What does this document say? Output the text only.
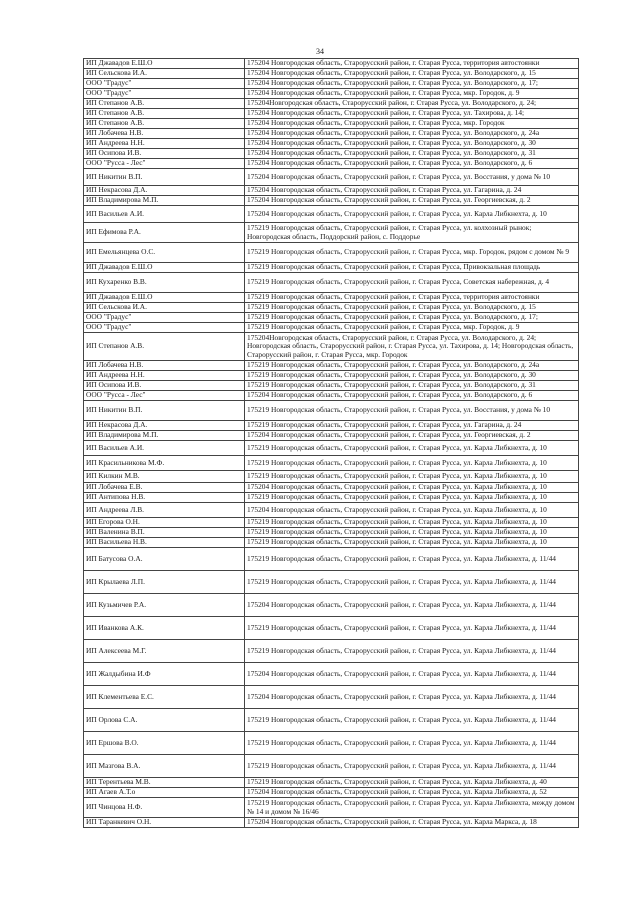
34
ИП Джавадов Е.Ш.О	175204 Новгородская область, Старорусский район, г. Старая Русса, территория автостоянки
ИП Сельскова И.А.	175204 Новгородская область, Старорусский район, г. Старая Русса, ул. Володарского, д. 15
ООО "Градус"	175204 Новгородская область, Старорусский район, г. Старая Русса, ул. Володарского, д. 17;
ООО "Градус"	175204 Новгородская область, Старорусский район, г. Старая Русса, мкр. Городок, д. 9
ИП Степанов А.В.	175204Новгородская область, Старорусский район, г. Старая Русса, ул. Володарского, д. 24;
ИП Степанов А.В.	175204 Новгородская область, Старорусский район, г. Старая Русса, ул. Тахирова, д. 14;
ИП Степанов А.В.	175204 Новгородская область, Старорусский район, г. Старая Русса, мкр. Городок
ИП Лобачева Н.В.	175204 Новгородская область, Старорусский район, г. Старая Русса, ул. Володарского, д. 24а
ИП Андреева Н.Н.	175204 Новгородская область, Старорусский район, г. Старая Русса, ул. Володарского, д. 30
ИП Осипова И.В.	175204 Новгородская область, Старорусский район, г. Старая Русса, ул. Володарского, д. 31
ООО "Русса - Лес"	175204 Новгородская область, Старорусский район, г. Старая Русса, ул. Володарского, д. 6
ИП Никитин В.П.	175204 Новгородская область, Старорусский район, г. Старая Русса, ул. Восстания, у дома № 10
ИП Некрасова Д.А.	175204 Новгородская область, Старорусский район, г. Старая Русса, ул. Гагарина, д. 24
ИП Владимирова М.П.	175204 Новгородская область, Старорусский район, г. Старая Русса, ул. Георгиевская, д. 2
ИП Васильев А.И.	175204 Новгородская область, Старорусский район, г. Старая Русса, ул. Карла Либкнехта, д. 10
ИП Ефимова Р.А.	175219 Новгородская область, Старорусский район, г. Старая Русса, ул. колхозный рынок; Новгородская область, Поддорский район, с. Поддорье
ИП Емельянцева О.С.	175219 Новгородская область, Старорусский район, г. Старая Русса, мкр. Городок, рядом с домом № 9
ИП Джавадов Е.Ш.О	175219 Новгородская область, Старорусский район, г. Старая Русса, Привокзальная площадь
ИП Кухаренко В.В.	175219 Новгородская область, Старорусский район, г. Старая Русса, Советская набережная, д. 4
ИП Джавадов Е.Ш.О	175219 Новгородская область, Старорусский район, г. Старая Русса, территория автостоянки
ИП Сельскова И.А.	175219 Новгородская область, Старорусский район, г. Старая Русса, ул. Володарского, д. 15
ООО "Градус"	175219 Новгородская область, Старорусский район, г. Старая Русса, ул. Володарского, д. 17;
ООО "Градус"	175219 Новгородская область, Старорусский район, г. Старая Русса, мкр. Городок, д. 9
ИП Степанов А.В.	175204Новгородская область, Старорусский район, г. Старая Русса, ул. Володарского, д. 24; Новгородская область, Старорусский район, г. Старая Русса, ул. Тахирова, д. 14; Новгородская область, Старорусский район, г. Старая Русса, мкр. Городок
ИП Лобачева Н.В.	175219 Новгородская область, Старорусский район, г. Старая Русса, ул. Володарского, д. 24а
ИП Андреева Н.Н.	175219 Новгородская область, Старорусский район, г. Старая Русса, ул. Володарского, д. 30
ИП Осипова И.В.	175219 Новгородская область, Старорусский район, г. Старая Русса, ул. Володарского, д. 31
ООО "Русса - Лес"	175204 Новгородская область, Старорусский район, г. Старая Русса, ул. Володарского, д. 6
ИП Никитин В.П.	175219 Новгородская область, Старорусский район, г. Старая Русса, ул. Восстания, у дома № 10
ИП Некрасова Д.А.	175219 Новгородская область, Старорусский район, г. Старая Русса, ул. Гагарина, д. 24
ИП Владимирова М.П.	175204 Новгородская область, Старорусский район, г. Старая Русса, ул. Георгиевская, д. 2
ИП Васильев А.И.	175219 Новгородская область, Старорусский район, г. Старая Русса, ул. Карла Либкнехта, д. 10
ИП Красильникова М.Ф.	175219 Новгородская область, Старорусский район, г. Старая Русса, ул. Карла Либкнехта, д. 10
ИП Килкин М.В.	175219 Новгородская область, Старорусский район, г. Старая Русса, ул. Карла Либкнехта, д. 10
ИП Лобачева Е.В.	175204 Новгородская область, Старорусский район, г. Старая Русса, ул. Карла Либкнехта, д. 10
ИП Антипова Н.В.	175219 Новгородская область, Старорусский район, г. Старая Русса, ул. Карла Либкнехта, д. 10
ИП Андреева Л.В.	175204 Новгородская область, Старорусский район, г. Старая Русса, ул. Карла Либкнехта, д. 10
ИП Егорова О.Н.	175219 Новгородская область, Старорусский район, г. Старая Русса, ул. Карла Либкнехта, д. 10
ИП Валенина В.П.	175219 Новгородская область, Старорусский район, г. Старая Русса, ул. Карла Либкнехта, д. 10
ИП Васильева Н.В.	175219 Новгородская область, Старорусский район, г. Старая Русса, ул. Карла Либкнехта, д. 10
ИП Батусова О.А.	175219 Новгородская область, Старорусский район, г. Старая Русса, ул. Карла Либкнехта, д. 11/44
ИП Крылаева Л.П.	175219 Новгородская область, Старорусский район, г. Старая Русса, ул. Карла Либкнехта, д. 11/44
ИП Кузьмичев Р.А.	175204 Новгородская область, Старорусский район, г. Старая Русса, ул. Карла Либкнехта, д. 11/44
ИП Иванкова А.К.	175219 Новгородская область, Старорусский район, г. Старая Русса, ул. Карла Либкнехта, д. 11/44
ИП Алексеева М.Г.	175219 Новгородская область, Старорусский район, г. Старая Русса, ул. Карла Либкнехта, д. 11/44
ИП Жалдыбина И.Ф	175204 Новгородская область, Старорусский район, г. Старая Русса, ул. Карла Либкнехта, д. 11/44
ИП Клементьева Е.С.	175204 Новгородская область, Старорусский район, г. Старая Русса, ул. Карла Либкнехта, д. 11/44
ИП Орлова С.А.	175219 Новгородская область, Старорусский район, г. Старая Русса, ул. Карла Либкнехта, д. 11/44
ИП Ершова В.О.	175219 Новгородская область, Старорусский район, г. Старая Русса, ул. Карла Либкнехта, д. 11/44
ИП Мазгова В.А.	175219 Новгородская область, Старорусский район, г. Старая Русса, ул. Карла Либкнехта, д. 11/44
ИП Терентьева М.В.	175219 Новгородская область, Старорусский район, г. Старая Русса, ул. Карла Либкнехта, д. 40
ИП Агаев А.Т.о	175204 Новгородская область, Старорусский район, г. Старая Русса, ул. Карла Либкнехта, д. 52
ИП Чинцова Н.Ф.	175219 Новгородская область, Старорусский район, г. Старая Русса, ул. Карла Либкнехта, между домом № 14 и домом № 16/46
ИП Таранкевич О.Н.	175204 Новгородская область, Старорусский район, г. Старая Русса, ул. Карла Маркса, д. 18
